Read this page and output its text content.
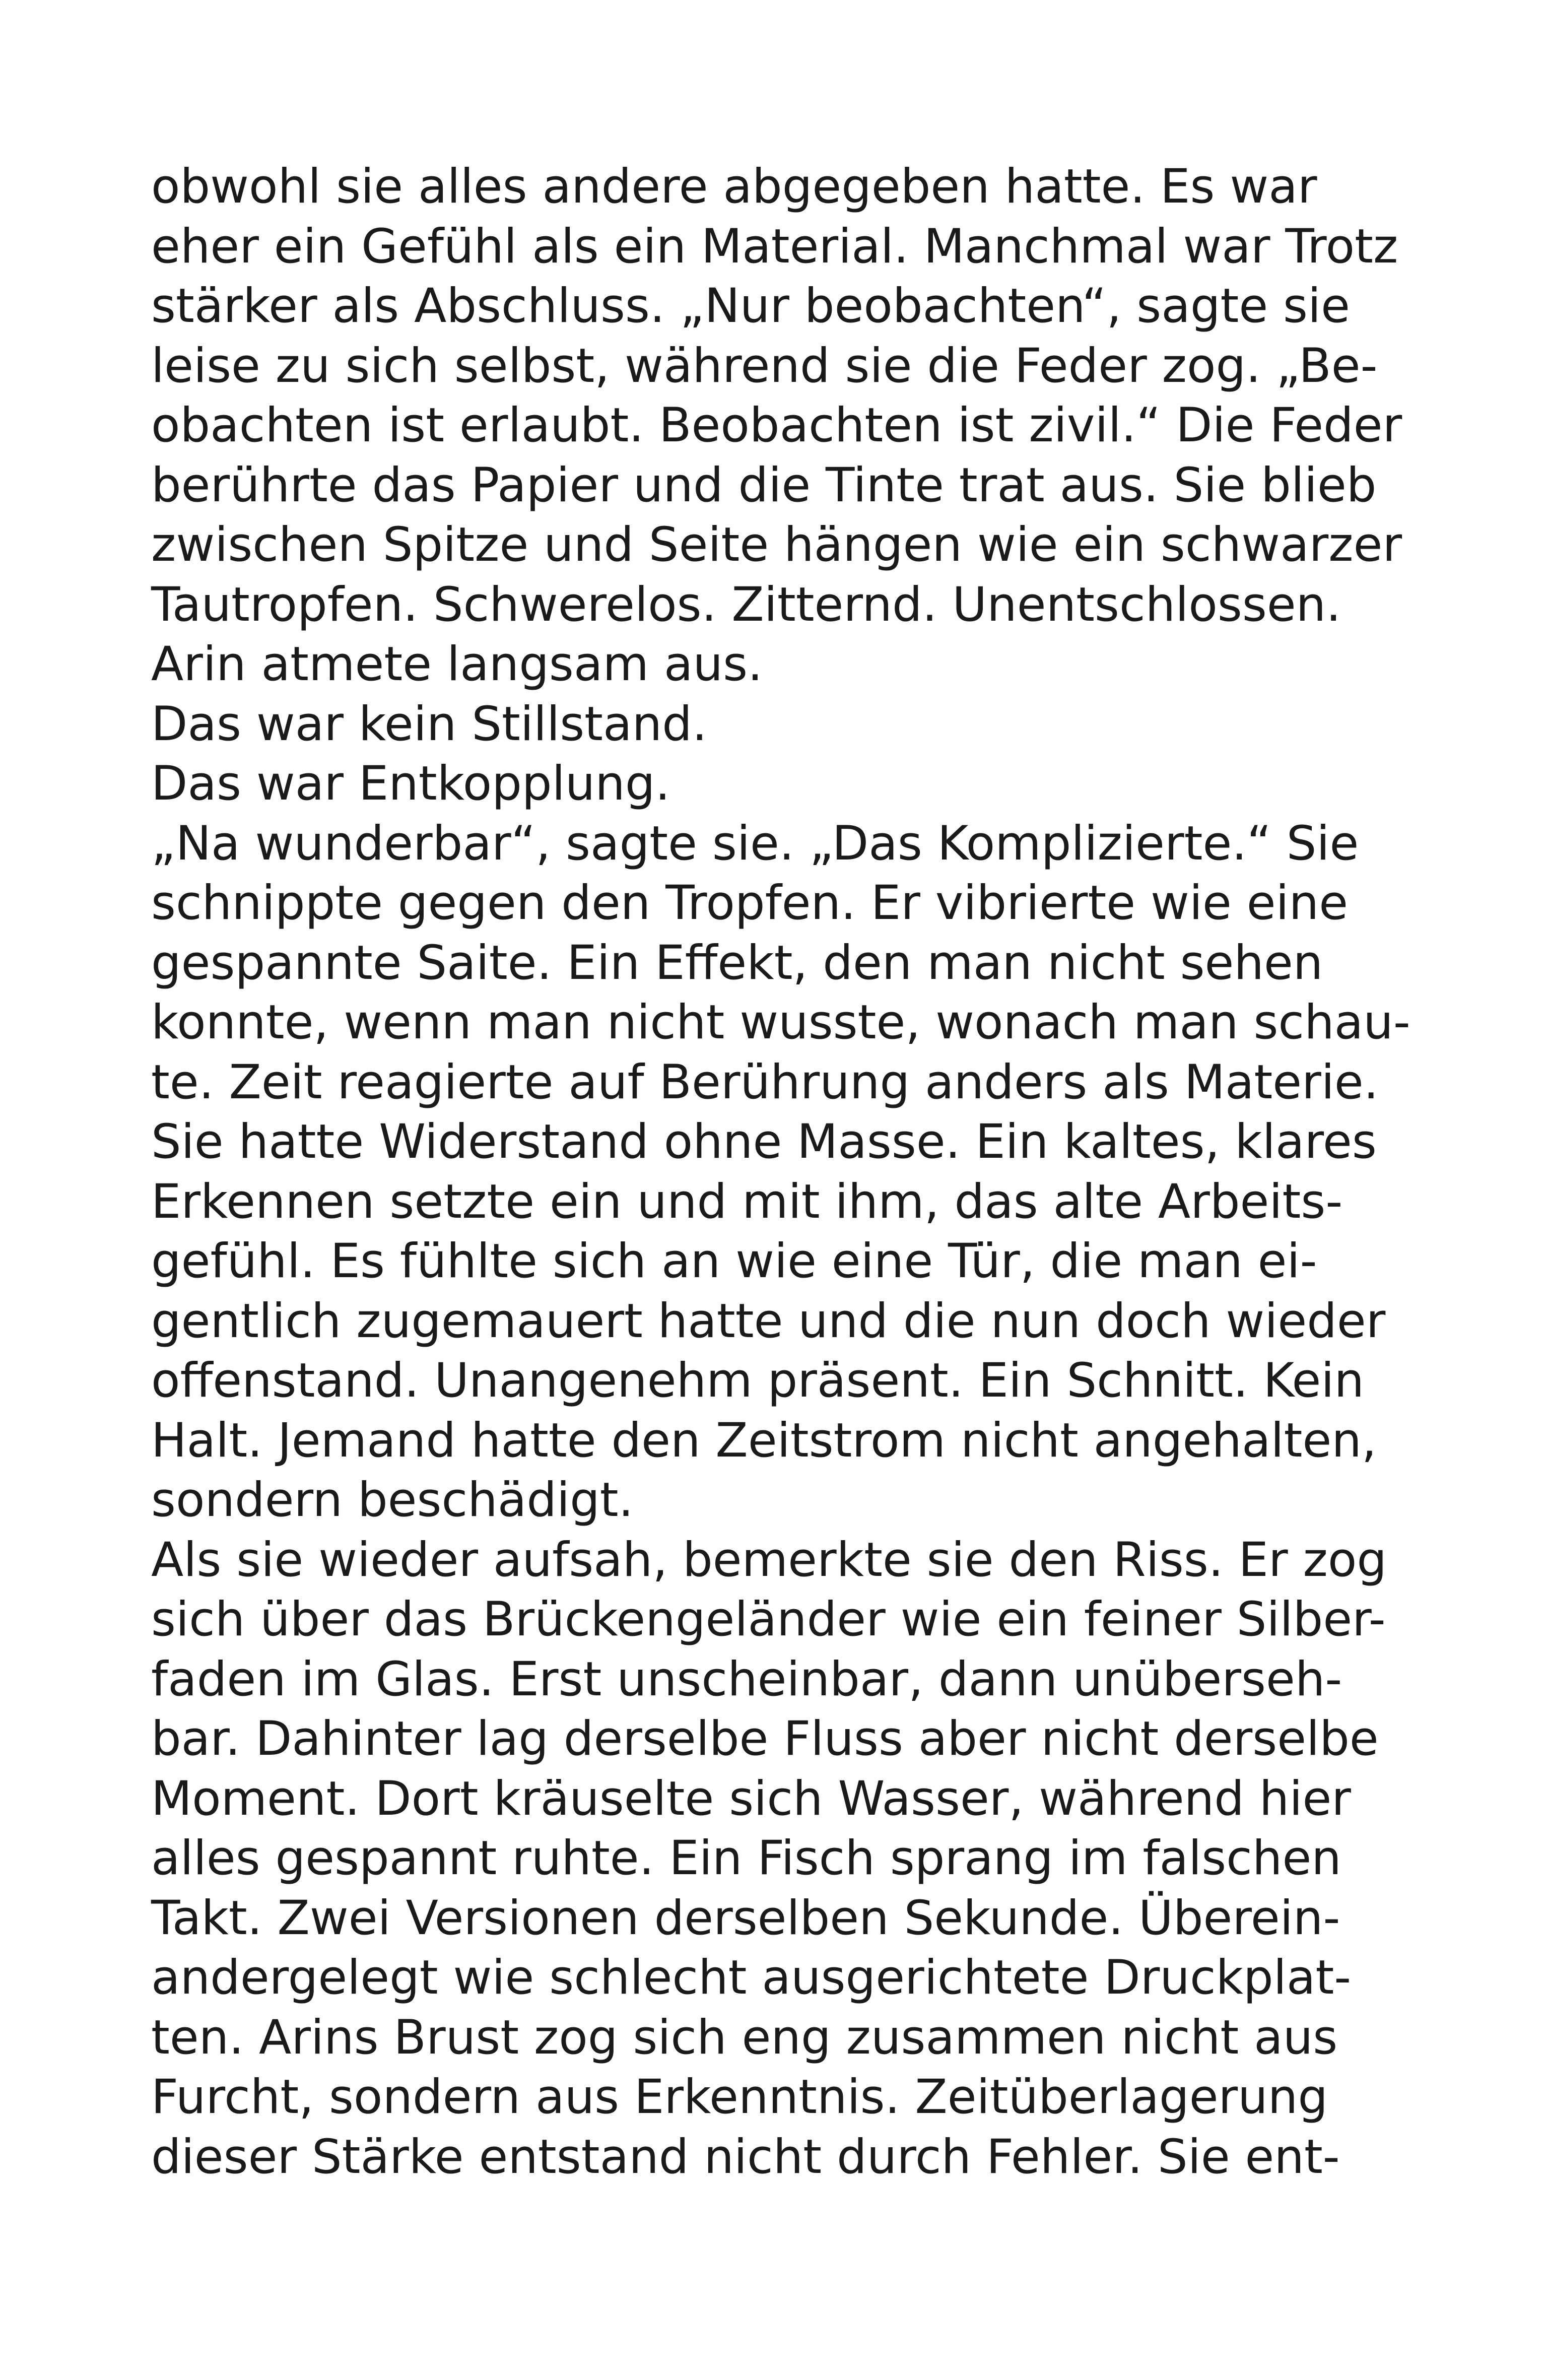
obwohl sie alles andere abgegeben hatte. Es war
eher ein Gefühl als ein Material. Manchmal war Trotz
stärker als Abschluss. „Nur beobachten“, sagte sie
leise zu sich selbst, während sie die Feder zog. „Be-
obachten ist erlaubt. Beobachten ist zivil.“ Die Feder
berührte das Papier und die Tinte trat aus. Sie blieb
zwischen Spitze und Seite hängen wie ein schwarzer
Tautropfen. Schwerelos. Zitternd. Unentschlossen.
Arin atmete langsam aus.
Das war kein Stillstand.
Das war Entkopplung.
„Na wunderbar“, sagte sie. „Das Komplizierte.“ Sie
schnippte gegen den Tropfen. Er vibrierte wie eine
gespannte Saite. Ein Effekt, den man nicht sehen
konnte, wenn man nicht wusste, wonach man schau-
te. Zeit reagierte auf Berührung anders als Materie.
Sie hatte Widerstand ohne Masse. Ein kaltes, klares
Erkennen setzte ein und mit ihm, das alte Arbeits-
gefühl. Es fühlte sich an wie eine Tür, die man ei-
gentlich zugemauert hatte und die nun doch wieder
offenstand. Unangenehm präsent. Ein Schnitt. Kein
Halt. Jemand hatte den Zeitstrom nicht angehalten,
sondern beschädigt.
Als sie wieder aufsah, bemerkte sie den Riss. Er zog
sich über das Brückengeländer wie ein feiner Silber-
faden im Glas. Erst unscheinbar, dann unüberseh-
bar. Dahinter lag derselbe Fluss aber nicht derselbe
Moment. Dort kräuselte sich Wasser, während hier
alles gespannt ruhte. Ein Fisch sprang im falschen
Takt. Zwei Versionen derselben Sekunde. Überein-
andergelegt wie schlecht ausgerichtete Druckplat-
ten. Arins Brust zog sich eng zusammen nicht aus
Furcht, sondern aus Erkenntnis. Zeitüberlagerung
dieser Stärke entstand nicht durch Fehler. Sie ent-
